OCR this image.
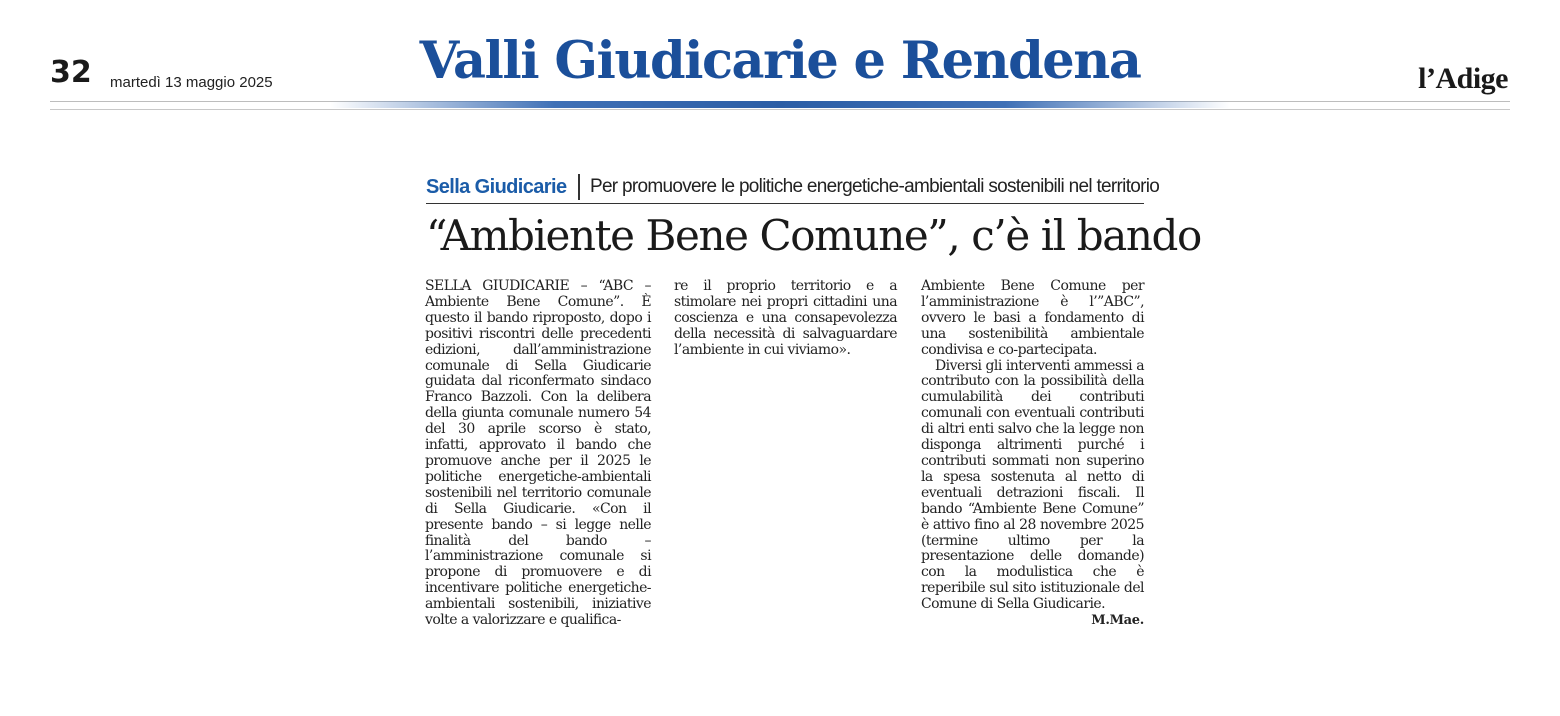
32 martedì 13 maggio 2025	Valli Giudicarie e Rendena	l’Adige
Sella Giudicarie Per promuovere le politiche energetiche-ambientali sostenibili nel territorio
“Ambiente Bene Comune”, c’è il bando

SELLA GIUDICARIE – “ABC – Ambiente Bene Comune”. È questo il bando riproposto, dopo i positivi riscontri delle precedenti edizioni, dall’amministrazione comunale di Sella Giudicarie guidata dal riconfermato sindaco Franco Bazzoli. Con la delibera della giunta comunale numero 54 del 30 aprile scorso è stato, infatti, approvato il bando che promuove anche per il 2025 le politiche energetiche-ambientali sostenibili nel territorio comunale di Sella Giudicarie. «Con il presente bando – si legge nelle finalità del bando – l’amministrazione comunale si propone di promuovere e di incentivare politiche energetiche-ambientali sostenibili, iniziative volte a valorizzare e qualifica-

re il proprio territorio e a stimolare nei propri cittadini una coscienza e una consapevolezza della necessità di salvaguardare l’ambiente in cui viviamo».

Ambiente Bene Comune per l’amministrazione è l’”ABC”, ovvero le basi a fondamento di una sostenibilità ambientale condivisa e co-partecipata.

Diversi gli interventi ammessi a contributo con la possibilità della cumulabilità dei contributi comunali con eventuali contributi di altri enti salvo che la legge non disponga altrimenti purché i contributi sommati non superino la spesa sostenuta al netto di eventuali detrazioni fiscali. Il bando “Ambiente Bene Comune” è attivo fino al 28 novembre 2025 (termine ultimo per la presentazione delle domande) con la modulistica che è reperibile sul sito istituzionale del Comune di Sella Giudicarie.
M.Mae.
